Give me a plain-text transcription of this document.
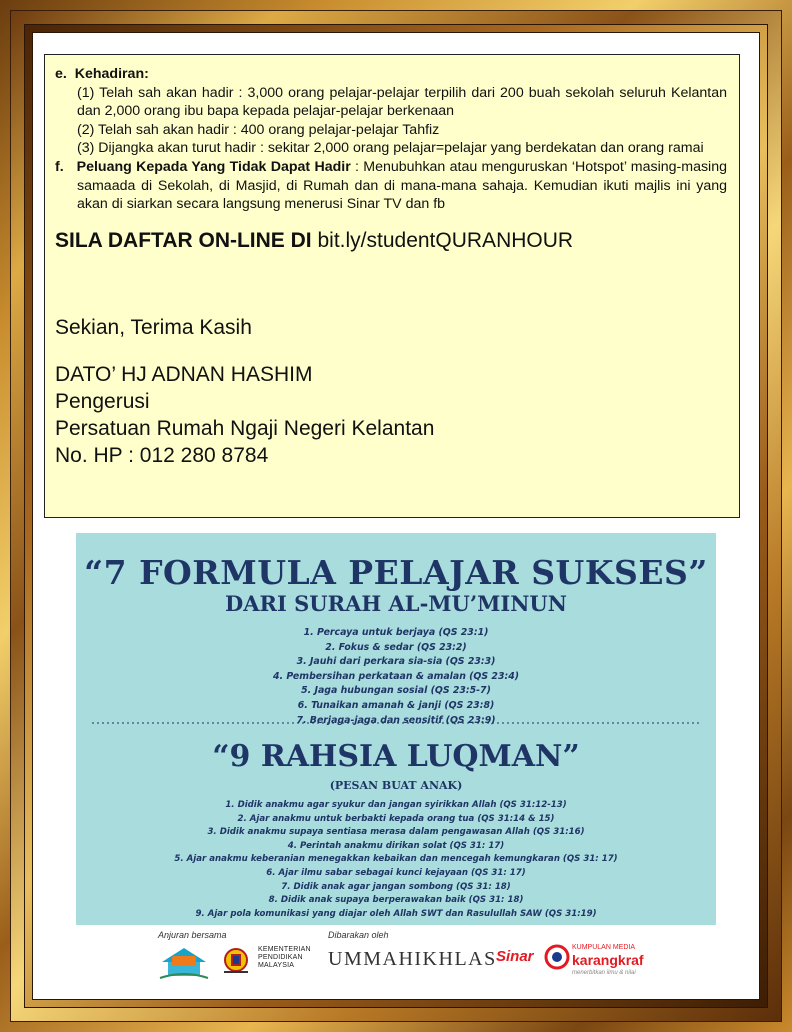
e. Kehadiran:
(1) Telah sah akan hadir : 3,000 orang pelajar-pelajar terpilih dari 200 buah sekolah seluruh Kelantan dan 2,000 orang ibu bapa kepada pelajar-pelajar berkenaan
(2) Telah sah akan hadir : 400 orang pelajar-pelajar Tahfiz
(3) Dijangka akan turut hadir : sekitar 2,000 orang pelajar=pelajar yang berdekatan dan orang ramai
f. Peluang Kepada Yang Tidak Dapat Hadir : Menubuhkan atau menguruskan ‘Hotspot’ masing-masing samaada di Sekolah, di Masjid, di Rumah dan di mana-mana sahaja. Kemudian ikuti majlis ini yang akan di siarkan secara langsung menerusi Sinar TV dan fb
SILA DAFTAR ON-LINE DI bit.ly/studentQURANHOUR
Sekian, Terima Kasih
DATO’ HJ ADNAN HASHIM
Pengerusi
Persatuan Rumah Ngaji Negeri Kelantan
No. HP : 012 280 8784
“7 FORMULA PELAJAR SUKSES”
DARI SURAH AL-MU’MINUN
1. Percaya untuk berjaya (QS 23:1)
2. Fokus & sedar (QS 23:2)
3. Jauhi dari perkara sia-sia (QS 23:3)
4. Pembersihan perkataan & amalan (QS 23:4)
5. Jaga hubungan sosial (QS 23:5-7)
6. Tunaikan amanah & janji (QS 23:8)
7. Berjaga-jaga dan sensitif (QS 23:9)
“9 RAHSIA LUQMAN”
(PESAN BUAT ANAK)
1. Didik anakmu agar syukur dan jangan syirikkan Allah (QS 31:12-13)
2. Ajar anakmu untuk berbakti kepada orang tua (QS 31:14 & 15)
3. Didik anakmu supaya sentiasa merasa dalam pengawasan Allah (QS 31:16)
4. Perintah anakmu dirikan solat (QS 31: 17)
5. Ajar anakmu keberanian menegakkan kebaikan dan mencegah kemungkaran (QS 31: 17)
6. Ajar ilmu sabar sebagai kunci kejayaan (QS 31: 17)
7. Didik anak agar jangan sombong (QS 31: 18)
8. Didik anak supaya berperawakan baik (QS 31: 18)
9. Ajar pola komunikasi yang diajar oleh Allah SWT dan Rasulullah SAW (QS 31:19)
Anjuran bersama	Dibarakan oleh
KEMENTERIAN
PENDIDIKAN
MALAYSIA	UMMAHIKHLAS Sinar
KUMPULAN MEDIA
karangkraf
menerbitkan ilmu & nilai
